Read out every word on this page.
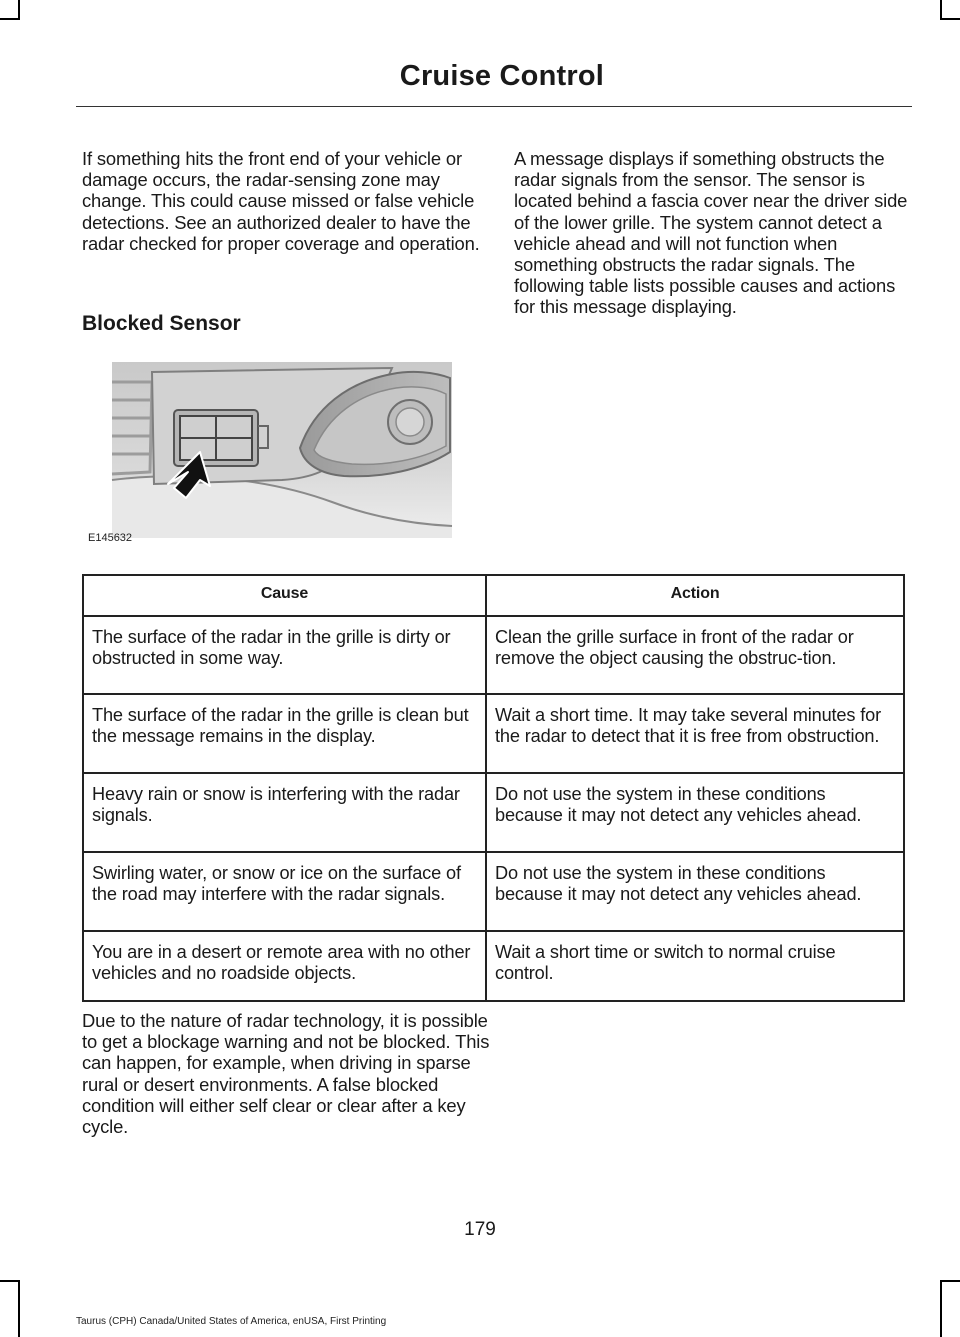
Cruise Control

If something hits the front end of your vehicle or damage occurs, the radar-sensing zone may change. This could cause missed or false vehicle detections. See an authorized dealer to have the radar checked for proper coverage and operation.

Blocked Sensor

A message displays if something obstructs the radar signals from the sensor. The sensor is located behind a fascia cover near the driver side of the lower grille. The system cannot detect a vehicle ahead and will not function when something obstructs the radar signals. The following table lists possible causes and actions for this message displaying.

E145632
Cause	Action
The surface of the radar in the grille is dirty or obstructed in some way.	Clean the grille surface in front of the radar or remove the object causing the obstruc-tion.
The surface of the radar in the grille is clean but the message remains in the display.	Wait a short time. It may take several minutes for the radar to detect that it is free from obstruction.
Heavy rain or snow is interfering with the radar signals.	Do not use the system in these conditions because it may not detect any vehicles ahead.
Swirling water, or snow or ice on the surface of the road may interfere with the radar signals.	Do not use the system in these conditions because it may not detect any vehicles ahead.
You are in a desert or remote area with no other vehicles and no roadside objects.	Wait a short time or switch to normal cruise control.

Due to the nature of radar technology, it is possible to get a blockage warning and not be blocked. This can happen, for example, when driving in sparse rural or desert environments. A false blocked condition will either self clear or clear after a key cycle.

179
Taurus (CPH) Canada/United States of America, enUSA, First Printing
